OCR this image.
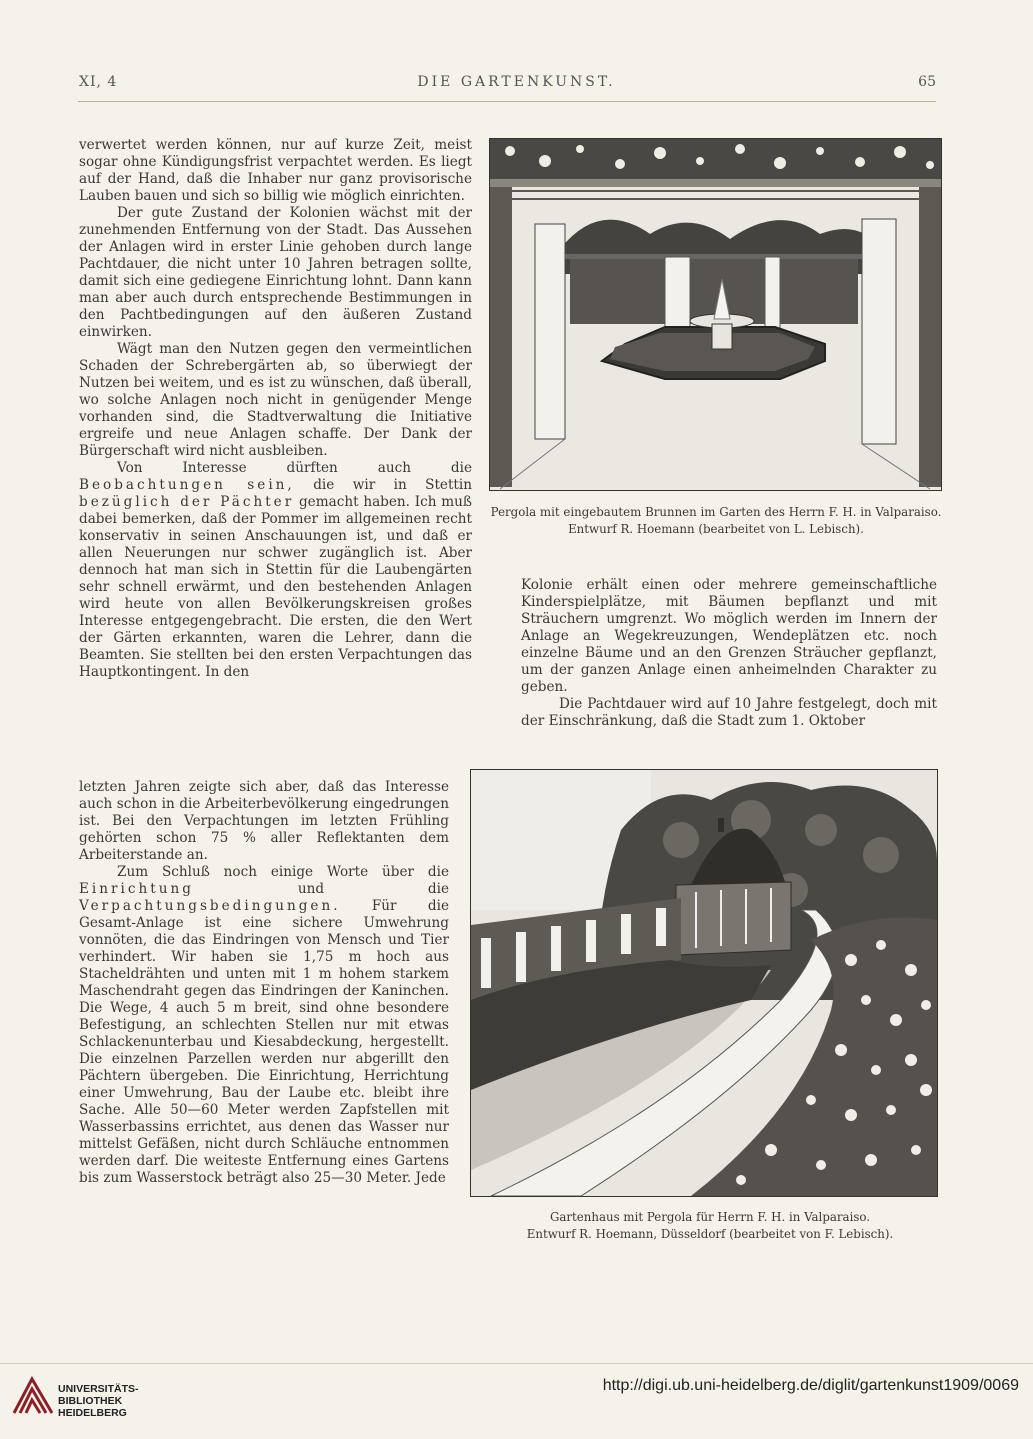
XI, 4	DIE GARTENKUNST.	65

verwertet werden können, nur auf kurze Zeit, meist sogar ohne Kündigungsfrist verpachtet werden. Es liegt auf der Hand, daß die Inhaber nur ganz provisorische Lauben bauen und sich so billig wie möglich einrichten.

Der gute Zustand der Kolonien wächst mit der zunehmenden Entfernung von der Stadt. Das Aussehen der Anlagen wird in erster Linie gehoben durch lange Pachtdauer, die nicht unter 10 Jahren betragen sollte, damit sich eine gediegene Einrichtung lohnt. Dann kann man aber auch durch entsprechende Bestimmungen in den Pachtbedingungen auf den äußeren Zustand einwirken.

Wägt man den Nutzen gegen den vermeintlichen Schaden der Schrebergärten ab, so überwiegt der Nutzen bei weitem, und es ist zu wünschen, daß überall, wo solche Anlagen noch nicht in genügender Menge vorhanden sind, die Stadtverwaltung die Initiative ergreife und neue Anlagen schaffe. Der Dank der Bürgerschaft wird nicht ausbleiben.

Von Interesse dürften auch die Beobachtungen sein, die wir in Stettin bezüglich der Pächter gemacht haben. Ich muß dabei bemerken, daß der Pommer im allgemeinen recht konservativ in seinen Anschauungen ist, und daß er allen Neuerungen nur schwer zugänglich ist. Aber dennoch hat man sich in Stettin für die Laubengärten sehr schnell erwärmt, und den bestehenden Anlagen wird heute von allen Bevölkerungskreisen großes Interesse entgegengebracht. Die ersten, die den Wert der Gärten erkannten, waren die Lehrer, dann die Beamten. Sie stellten bei den ersten Verpachtungen das Hauptkontingent. In den

letzten Jahren zeigte sich aber, daß das Interesse auch schon in die Arbeiterbevölkerung eingedrungen ist. Bei den Verpachtungen im letzten Frühling gehörten schon 75 % aller Reflektanten dem Arbeiterstande an.

Zum Schluß noch einige Worte über die Einrichtung	und die Verpachtungsbedingungen. Für die Gesamt-Anlage ist eine sichere Umwehrung vonnöten, die das Eindringen von Mensch und Tier verhindert. Wir haben sie 1,75 m hoch aus Stacheldrähten und unten mit 1 m hohem starkem Maschendraht gegen das Eindringen der Kaninchen. Die Wege, 4 auch 5 m breit, sind ohne besondere Befestigung, an schlechten Stellen nur mit etwas Schlackenunterbau und Kiesabdeckung, hergestellt. Die einzelnen Parzellen werden nur abgerillt den Pächtern übergeben. Die Einrichtung, Herrichtung einer Umwehrung, Bau der Laube etc. bleibt ihre Sache. Alle 50—60 Meter werden Zapfstellen mit Wasserbassins errichtet, aus denen das Wasser nur mittelst Gefäßen, nicht durch Schläuche entnommen werden darf. Die weiteste Entfernung eines Gartens bis zum Wasserstock beträgt also 25—30 Meter. Jede

Pergola mit eingebautem Brunnen im Garten des Herrn F. H. in Valparaiso.
Entwurf R. Hoemann (bearbeitet von L. Lebisch).

Kolonie erhält einen oder mehrere gemeinschaftliche Kinderspielplätze, mit Bäumen bepflanzt und mit Sträuchern umgrenzt. Wo möglich werden im Innern der Anlage an Wegekreuzungen, Wendeplätzen etc. noch einzelne Bäume und an den Grenzen Sträucher gepflanzt, um der ganzen Anlage einen anheimelnden Charakter zu geben.

Die Pachtdauer wird auf 10 Jahre festgelegt, doch mit der Einschränkung, daß die Stadt zum 1. Oktober

Gartenhaus mit Pergola für Herrn F. H. in Valparaiso.
Entwurf R. Hoemann, Düsseldorf (bearbeitet von F. Lebisch).
UNIVERSITÄTS-
BIBLIOTHEK
HEIDELBERG
http://digi.ub.uni-heidelberg.de/diglit/gartenkunst1909/0069
